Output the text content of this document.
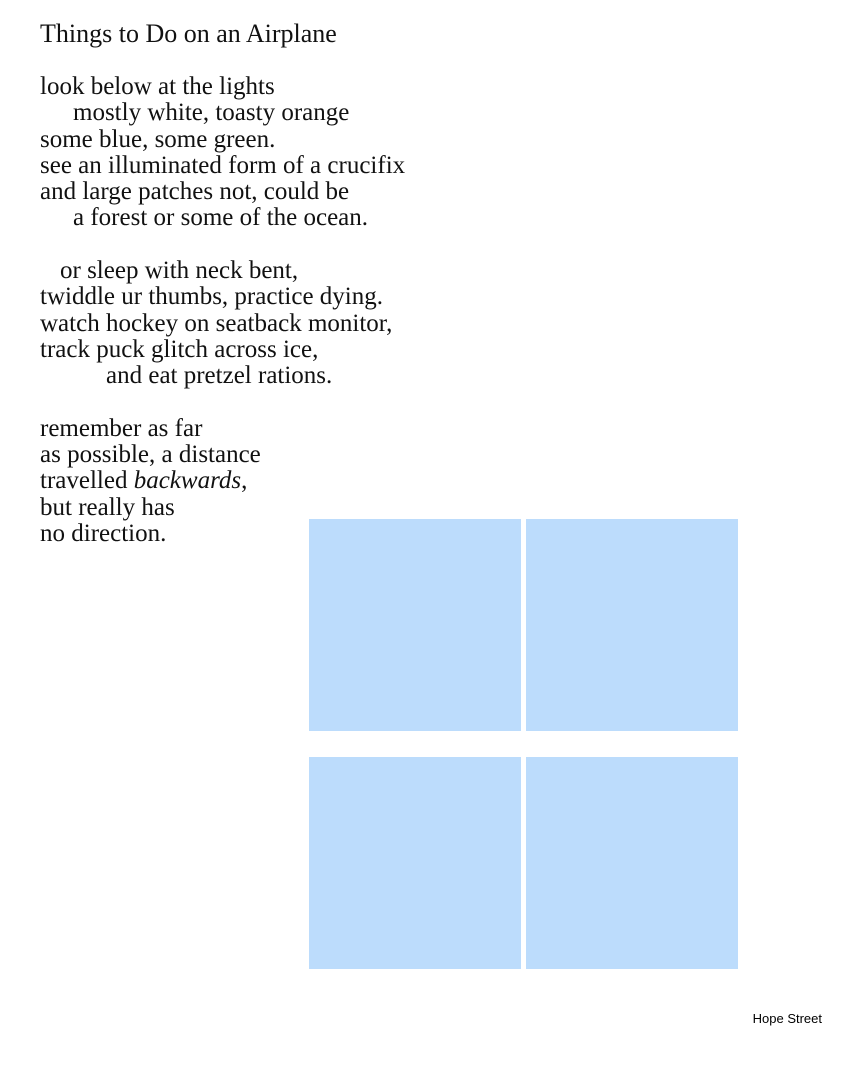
Things to Do on an Airplane
look below at the lights
mostly white, toasty orange
some blue, some green.
see an illuminated form of a crucifix
and large patches not, could be
a forest or some of the ocean.
or sleep with neck bent,
twiddle ur thumbs, practice dying.
watch hockey on seatback monitor,
track puck glitch across ice,
and eat pretzel rations.
remember as far
as possible, a distance
travelled backwards,
but really has
no direction.
Hope Street
